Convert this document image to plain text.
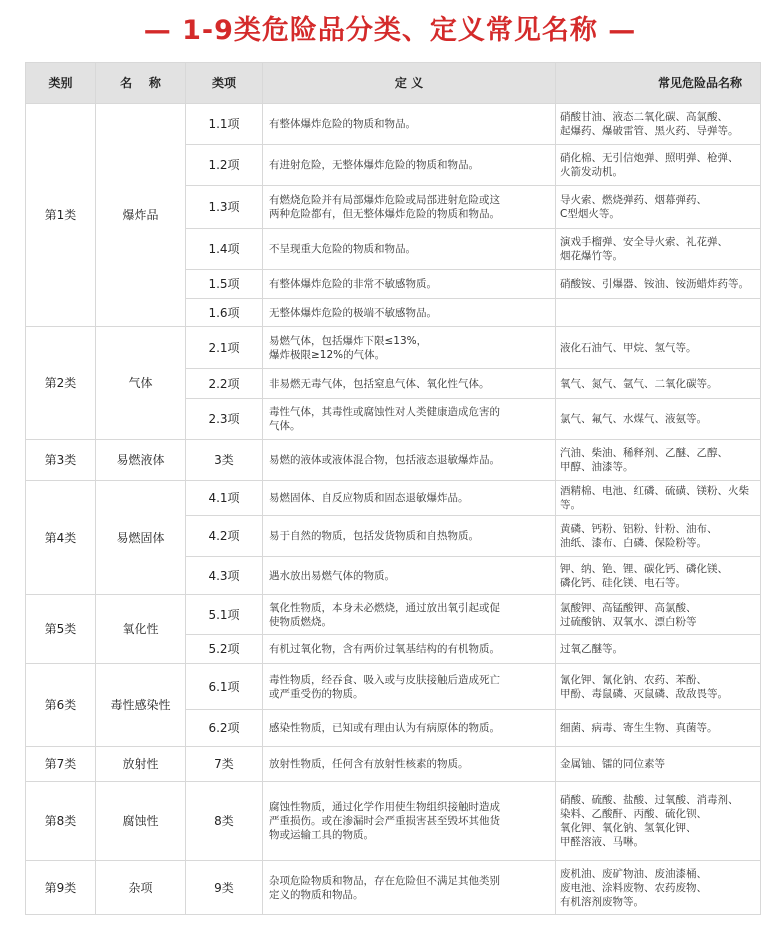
— 1-9类危险品分类、定义常见名称 —
类别	名    称	类项	定 义	常见危险品名称
第1类	爆炸品	1.1项	有整体爆炸危险的物质和物品。	硝酸甘油、液态二氧化碳、高氯酸、
起爆药、爆破雷管、黑火药、导弹等。
		1.2项	有进射危险，无整体爆炸危险的物质和物品。	硝化棉、无引信炮弹、照明弹、枪弹、
火箭发动机。
		1.3项	有燃烧危险并有局部爆炸危险或局部进射危险或这
两种危险都有，但无整体爆炸危险的物质和物品。	导火索、燃烧弹药、烟幕弹药、
C型烟火等。
		1.4项	不呈现重大危险的物质和物品。	演戏手榴弹、安全导火索、礼花弹、
烟花爆竹等。
		1.5项	有整体爆炸危险的非常不敏感物质。	硝酸铵、引爆器、铵油、铵沥蜡炸药等。
		1.6项	无整体爆炸危险的极端不敏感物品。	
第2类	气体	2.1项	易燃气体，包括爆炸下限≤13%，
爆炸极限≥12%的气体。	液化石油气、甲烷、氢气等。
		2.2项	非易燃无毒气体，包括窒息气体、氧化性气体。	氧气、氮气、氩气、二氧化碳等。
		2.3项	毒性气体，其毒性或腐蚀性对人类健康造成危害的
气体。	氯气、氟气、水煤气、液氨等。
第3类	易燃液体	3类	易燃的液体或液体混合物，包括液态退敏爆炸品。	汽油、柴油、稀释剂、乙醚、乙醇、
甲醇、油漆等。
第4类	易燃固体	4.1项	易燃固体、自反应物质和固态退敏爆炸品。	酒精棉、电池、红磷、硫磺、镁粉、火柴等。
		4.2项	易于自然的物质，包括发货物质和自热物质。	黄磷、钙粉、铝粉、针粉、油布、
油纸、漆布、白磷、保险粉等。
		4.3项	遇水放出易燃气体的物质。	钾、纳、铯、锂、碳化钙、磷化镁、
磷化钙、硅化镁、电石等。
第5类	氧化性	5.1项	氧化性物质，本身未必燃烧，通过放出氧引起或促
使物质燃烧。	氯酸钾、高锰酸钾、高氯酸、
过硫酸钠、双氧水、漂白粉等
		5.2项	有机过氧化物，含有两价过氧基结构的有机物质。	过氧乙醚等。
第6类	毒性感染性	6.1项	毒性物质，经吞食、吸入或与皮肤接触后造成死亡
或严重受伤的物质。	氰化钾、氰化钠、农药、苯酚、
甲酚、毒鼠磷、灭鼠磷、敌敌畏等。
		6.2项	感染性物质，已知或有理由认为有病原体的物质。	细菌、病毒、寄生生物、真菌等。
第7类	放射性	7类	放射性物质，任何含有放射性核素的物质。	金属铀、镭的同位素等
第8类	腐蚀性	8类	腐蚀性物质，通过化学作用使生物组织接触时造成
严重损伤。或在渗漏时会严重损害甚至毁坏其他货
物或运输工具的物质。	硝酸、硫酸、盐酸、过氧酸、消毒剂、
染料、乙酸酐、丙酸、硫化钡、
氧化钾、氧化钠、氢氧化钾、
甲醛溶液、马啉。
第9类	杂项	9类	杂项危险物质和物品，存在危险但不满足其他类别
定义的物质和物品。	废机油、废矿物油、废油漆桶、
废电池、涂料废物、农药废物、
有机溶剂废物等。
